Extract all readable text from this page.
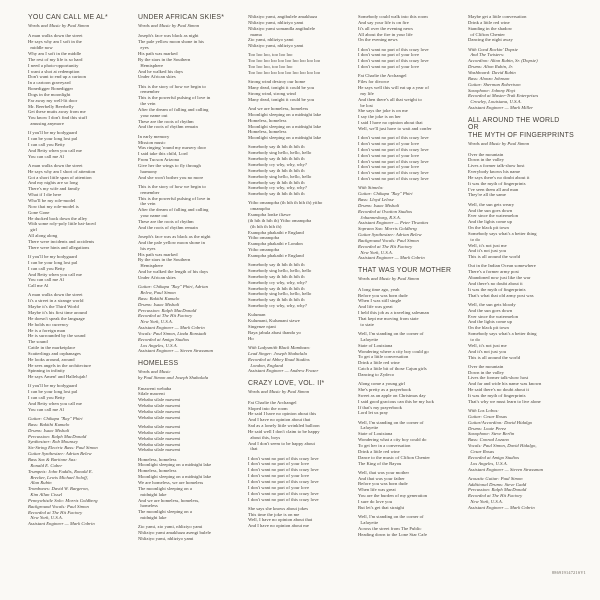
YOU CAN CALL ME AL*
Words and Music by Paul Simon
A man walks down the street
He says why am I soft in the
middle now
Why am I soft in the middle
The rest of my life is so hard
I need a photo-opportunity
I want a shot at redemption
Don't want to end up a cartoon
In a cartoon graveyard
Bonedigger Bonedigger
Dogs in the moonlight
Far away my well-lit door
Mr. Beerbelly Beerbelly
Get these mutts away from me
You know I don't find this stuff
amusing anymore
If you'll be my bodyguard
I can be your long lost pal
I can call you Betty
And Betty when you call me
You can call me Al
A man walks down the street
He says why am I short of attention
Got a short little span of attention
And my nights are so long
There's my wife and family
What if I die here
Who'll be my role-model
Now that my role-model is
Gone Gone
He ducked back down the alley
With some roly-poly little bat-faced
girl
All along along
There were incidents and accidents
There were hints and allegations
If you'll be my bodyguard
I can be your long lost pal
I can call you Betty
And Betty when you call me
You can call me Al
Call me Al
A man walks down the street
It's a street in a strange world
Maybe it's the Third World
Maybe it's his first time around
He doesn't speak the language
He holds no currency
He is a foreign man
He is surrounded by the sound
The sound
Cattle in the marketplace
Scatterlings and orphanages
He looks around, around
He sees angels in the architecture
Spinning in infinity
He says Amen! and Hallelujah!
If you'll be my bodyguard
I can be your long lost pal
I can call you Betty
And Betty when you call me
You can call me Al
Guitar: Chikapa "Ray" Phiri
Bass: Bakithi Kumalo
Drums: Isaac Mtshali
Percussion: Ralph MacDonald
Synthesizer: Rob Mounsey
Six-String Electric Bass: Paul Simon
Guitar Synthesizer: Adrian Belew
Bass Sax & Baritone Sax:
Ronald E. Cuber
Trumpets: John Faddis, Ronald E.
Brecker, Lewis Michael Soloff,
Alan Rubin
Trombones: David W. Bargeron,
Kim Allan Cissel
Pennywhistle Solo: Morris Goldberg
Background Vocals: Paul Simon
Recorded at The Hit Factory
New York, U.S.A.
Assistant Engineer — Mark Cobrin
UNDER AFRICAN SKIES*
Words and Music by Paul Simon
Joseph's face was black as night
The pale yellow moon shone in his
eyes
His path was marked
By the stars in the Southern
Hemisphere
And he walked his days
Under African skies
This is the story of how we begin to
remember
This is the powerful pulsing of love in
the vein
After the dream of falling and calling
your name out
These are the roots of rhythm
And the roots of rhythm remain
In early memory
Mission music
Was ringing 'round my nursery door
I said take this child, Lord
From Tucson Arizona
Give her the wings to fly through
harmony
And she won't bother you no more
This is the story of how we begin to
remember
This is the powerful pulsing of love in
the vein
After the dream of falling and calling
your name out
These are the roots of rhythm
And the roots of rhythm remain
Joseph's face was as black as the night
And the pale yellow moon shone in
his eyes
His path was marked
By the stars in the Southern
Hemisphere
And he walked the length of his days
Under African skies
Guitar: Chikapa "Ray" Phiri, Adrian
Belew, Paul Simon
Bass: Bakithi Kumalo
Drums: Isaac Mtshali
Percussion: Ralph MacDonald
Recorded at The Hit Factory
New York, U.S.A.
Assistant Engineer — Mark Cobrin
Vocals: Paul Simon, Linda Ronstadt
Recorded at Amigo Studios
Los Angeles, U.S.A.
Assistant Engineer — Steven Strassman
HOMELESS
Words and Music
by Paul Simon and Joseph Shabalala
Emaweni webaba
Silale maweni
Webaba silale maweni
Webaba silale maweni
Webaba silale maweni
Webaba silale maweni
Webaba silale maweni
Webaba silale maweni
Webaba silale maweni
Webaba silale maweni
Webaba silale maweni
Homeless, homeless
Moonlight sleeping on a midnight lake
Homeless, homeless
Moonlight sleeping on a midnight lake
We are homeless, we are homeless
The moonlight sleeping on a
midnight lake
And we are homeless, homeless,
homeless
The moonlight sleeping on a
midnight lake
Zio yami, zio yami, nhliziyo yami
Nhliziyo yami amakhaza asengi bulele
Nhliziyo yami, nhliziyo yami
Nhliziyo yami, angibulele amakhaza
Nhliziyo yami, nhliziyo yami
Nhliziyo yami somandla angibulele
mama
Zio yami, nhliziyo yami
Nhliziyo yami, nhliziyo yami
Too loo loo, too loo loo
Too loo loo loo loo loo loo loo loo loo
Too loo loo, too loo loo
Too loo loo loo loo loo loo loo loo loo
Strong wind destroy our home
Many dead, tonight it could be you
Strong wind, strong wind
Many dead, tonight it could be you
And we are homeless, homeless
Moonlight sleeping on a midnight lake
Homeless, homeless
Moonlight sleeping on a midnight lake
Homeless, homeless
Moonlight sleeping on a midnight lake
Somebody say ih hih ih hih ih
Somebody sing hello, hello, hello
Somebody say ih hih ih hih ih
Somebody cry why, why, why?
Somebody say ih hih ih hih ih
Somebody sing hello, hello, hello
Somebody say ih hih ih hih ih
Somebody cry why, why, why?
Somebody say ih hih ih hih ih
Yitho omanqoba (ih hih ih hih ih) yitho
omanqoba
Esanqoba lonke ilizwe
(ih hih ih hih ih) Yitho omanqoba
(ih hih ih hih ih)
Esanqoba phakathi e England
Yitho omanqoba
Esanqoba phakathi e London
Yitho omanqoba
Esanqoba phakathi e England
Somebody say ih hih ih hih ih
Somebody sing hello, hello, hello
Somebody say ih hih ih hih ih
Somebody cry why, why, why?
Somebody say ih hih ih hih ih
Somebody sing hello, hello, hello
Somebody say ih hih ih hih ih
Somebody cry why, why, why?
Kuluman
Kulumani, Kulumani sizwe
Singenze njani
Baya jabula abasi thanda yo
Ho
With Ladysmith Black Mambazo:
Lead Singer: Joseph Shabalala
Recorded at Abbey Road Studios
London, England
Assistant Engineer — Andrew Fraser
CRAZY LOVE, VOL. II*
Words and Music by Paul Simon
Fat Charlie the Archangel
Sloped into the room
He said I have no opinion about this
And I have no opinion about that
Sad as a lonely little wrinkled balloon
He said well I don't claim to be happy
about this, boys
And I don't seem to be happy about
that
I don't want no part of this crazy love
I don't want no part of your love
I don't want no part of this crazy love
I don't want no part of your love
I don't want no part of this crazy love
I don't want no part of your love
I don't want no part of this crazy love
I don't want no part of this crazy love
She says she knows about jokes
This time the joke is on me
Well, I have no opinion about that
And I have no opinion about me
Somebody could walk into this room
And say your life is on fire
It's all over the evening news
All about the fire in your life
On the evening news
I don't want no part of this crazy love
I don't want no part of your love
I don't want no part of this crazy love
I don't want no part of your love
Fat Charlie the Archangel
Files for divorce
He says well this will eat up a year of
my life
And then there's all that weight to
be lost
She says the joke is on me
I say the joke is on her
I said I have no opinion about that
Well, we'll just have to wait and confer
I don't want no part of this crazy love
I don't want no part of your love
I don't want no part of this crazy love
I don't want no part of your love
I don't want no part of this crazy love
I don't want no part of your love
I don't want no part of this crazy love
I don't want no part of this crazy love
With Stimela:
Guitar: Chikapa "Ray" Phiri
Bass: Lloyd Lelose
Drums: Isaac Mtshali
Recorded at Ovation Studios
Johannesburg, R.S.A.
Assistant Engineer — Peter Thwaites
Soprano Sax: Morris Goldberg
Guitar Synthesizer: Adrian Belew
Background Vocals: Paul Simon
Recorded at The Hit Factory
New York, U.S.A.
Assistant Engineer — Mark Cobrin
THAT WAS YOUR MOTHER
Words and Music by Paul Simon
A long time ago, yeah
Before you was born dude
When I was still single
And life was great
I held this job as a traveling salesman
That kept me moving from state
to state
Well, I'm standing on the corner of
Lafayette
State of Louisiana
Wondering where a city boy could go
To get a little conversation
Drink a little red wine
Catch a little bit of those Cajun girls
Dancing to Zydeco
Along come a young girl
She's pretty as a prayerbook
Sweet as an apple on Christmas day
I said good gracious can this be my luck
If that's my prayerbook
Lord let us pray
Well, I'm standing on the corner of
Lafayette
State of Louisiana
Wondering what a city boy could do
To get her in a conversation
Drink a little red wine
Dance to the music of Clifton Chenier
The King of the Bayou
Well, that was your mother
And that was your father
Before you was born dude
When life was great
You are the burden of my generation
I sure do love you
But let's get that straight
Well, I'm standing on the corner of
Lafayette
Across the street from The Public
Heading down to the Lone Star Cafe
Maybe get a little conversation
Drink a little red wine
Standing in the shadow
of Clifton Chenier
Dancing the night away
With Good Rockin' Dopsie
And The Twisters:
Accordion: Alton Rubin, Sr. (Dopsie)
Drums: Alton Rubin, Jr.
Washboard: David Rubin
Bass: Alonzo Johnson
Guitar: Sherman Robertson
Saxophone: Johnny Hoyt
Recorded at Master-Trak Enterprises
Crowley, Louisiana, U.S.A.
Assistant Engineer — Mark Miller
ALL AROUND THE WORLD
OR
THE MYTH OF FINGERPRINTS
Words and Music by Paul Simon
Over the mountain
Down in the valley
Lives a former talk-show host
Everybody knows his name
He says there's no doubt about it
It was the myth of fingerprints
I've seen them all and man
They're all the same
Well, the sun gets weary
And the sun goes down
Ever since the watermelon
And the lights come up
On the black pit town
Somebody says what's a better thing
to do
Well, it's not just me
And it's not just you
This is all around the world
Out in the Indian Ocean somewhere
There's a former army post
Abandoned now just like the war
And there's no doubt about it
It was the myth of fingerprints
That's what that old army post was
Well, the sun gets bloody
And the sun goes down
Ever since the watermelon
And the lights come up
On the black pit town
Somebody says what's a better thing
to do
Well, it's not just me
And it's not just you
This is all around the world
Over the mountain
Down in the valley
Lives the former talk-show host
And far and wide his name was known
He said there's no doubt about it
It was the myth of fingerprints
That's why we must learn to live alone
With Los Lobos:
Guitar: Cesar Rosas
Guitar/Accordion: David Hidalgo
Drums: Louie Perez
Saxophone: Steve Berlin
Bass: Conrad Lozano
Vocals: Paul Simon, David Hidalgo,
Cesar Rosas
Recorded at Amigo Studios
Los Angeles, U.S.A.
Assistant Engineer — Steven Strassman
Acoustic Guitar: Paul Simon
Additional Drums: Steve Gadd
Percussion: Ralph MacDonald
Recorded at The Hit Factory
New York, U.S.A.
Assistant Engineer — Mark Cobrin
88691914721SV1
